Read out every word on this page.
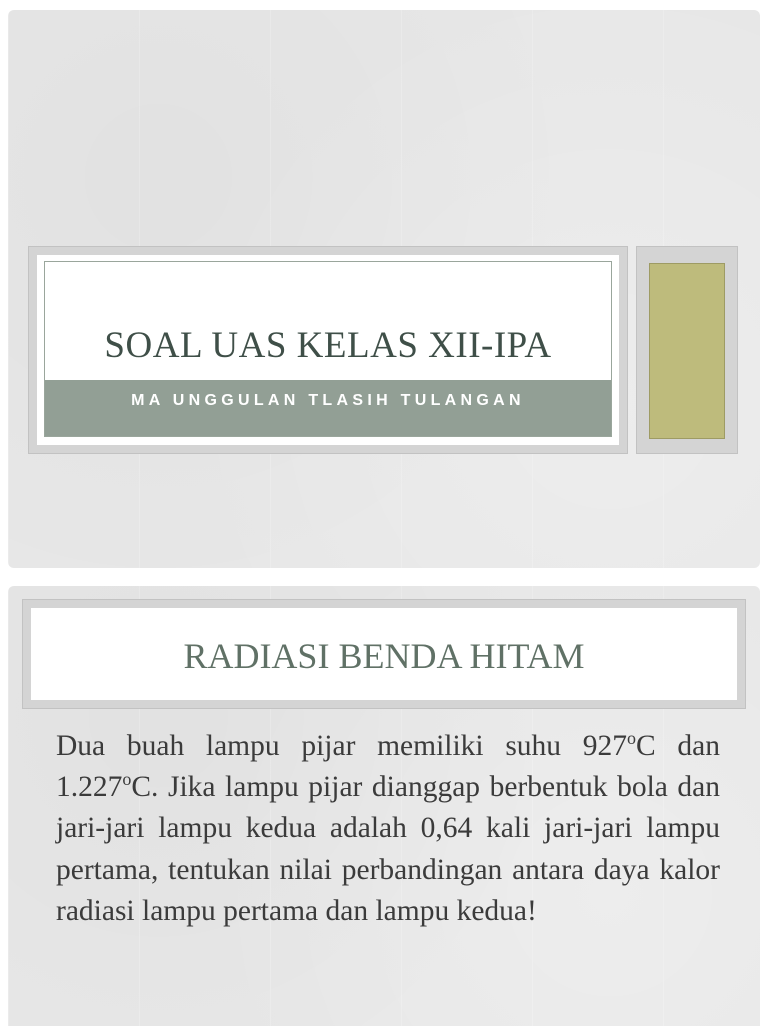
SOAL UAS KELAS XII-IPA
MA UNGGULAN TLASIH TULANGAN
RADIASI BENDA HITAM

Dua buah lampu pijar memiliki suhu 927$^o$C dan 1.227$^o$C. Jika lampu pijar dianggap berbentuk bola dan jari-jari lampu kedua adalah 0,64 kali jari-jari lampu pertama, tentukan nilai perbandingan antara daya kalor radiasi lampu pertama dan lampu kedua!
